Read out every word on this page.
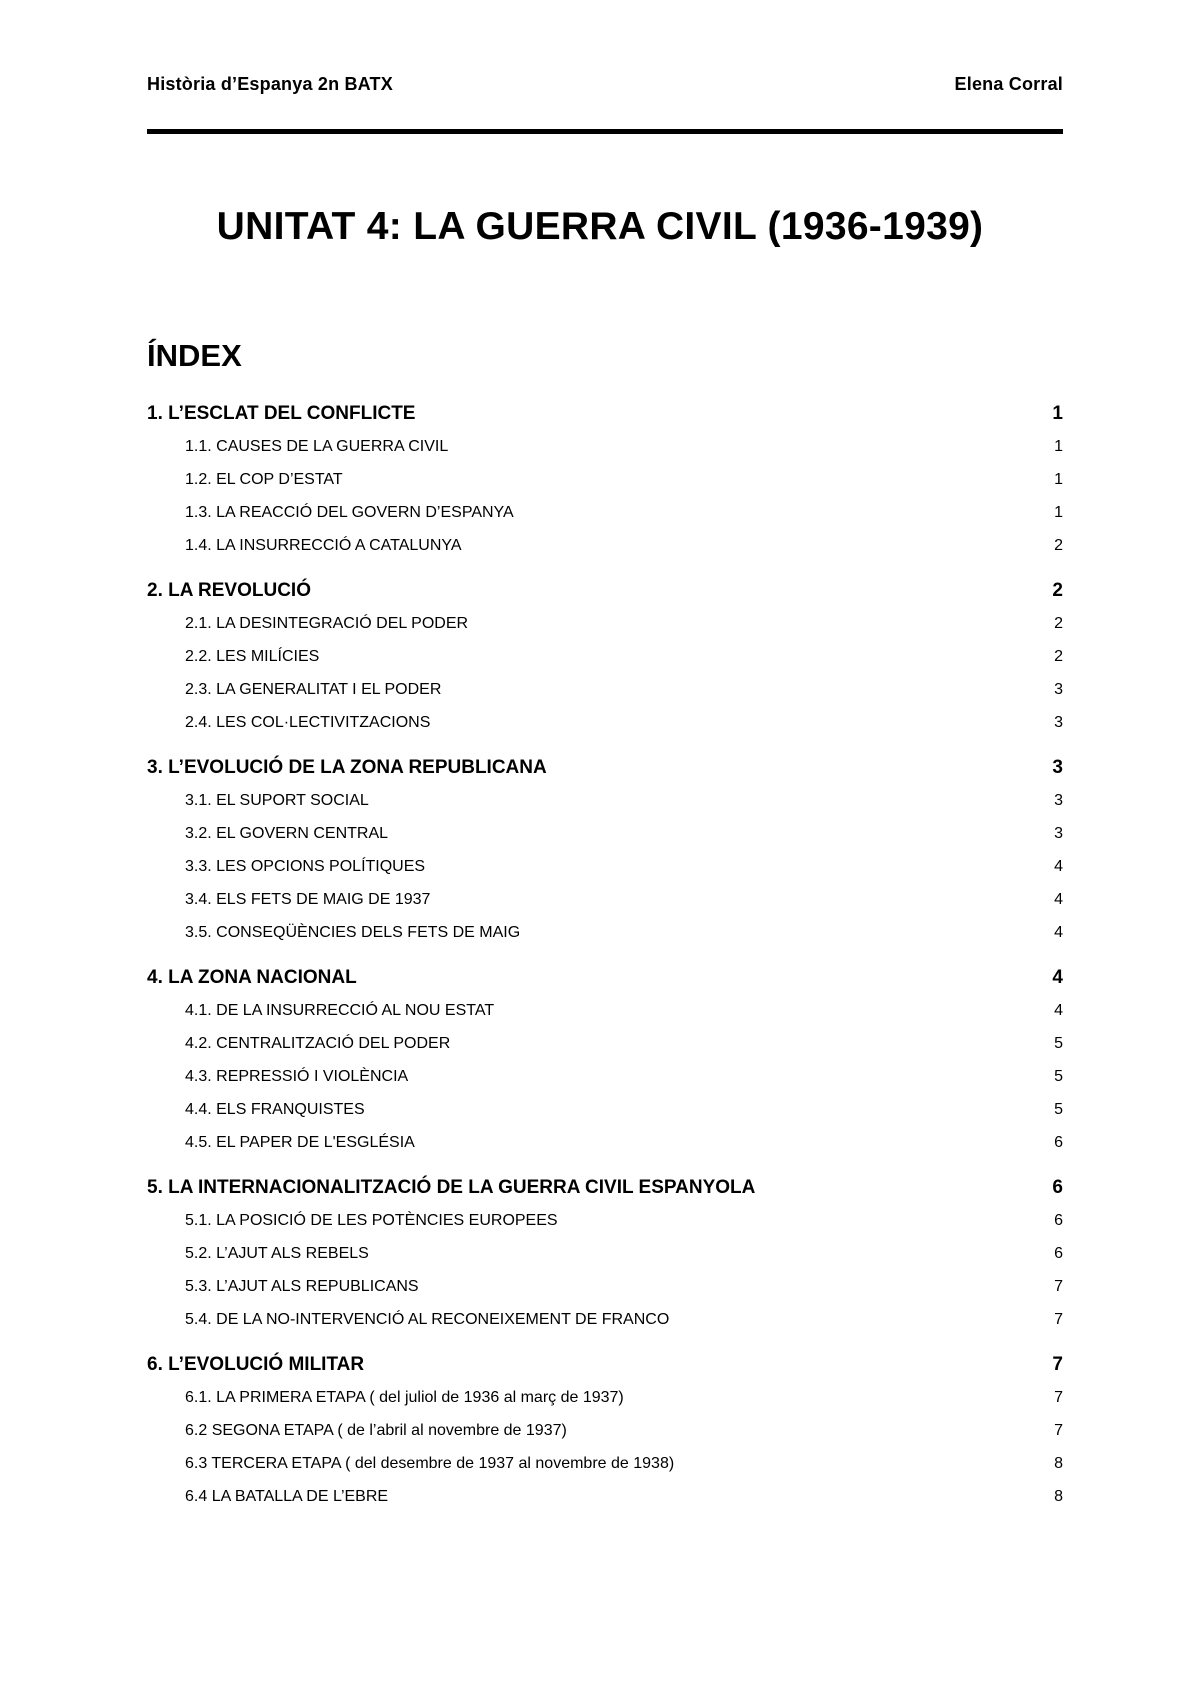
Història d’Espanya 2n BATX	Elena Corral
UNITAT 4: LA GUERRA CIVIL (1936-1939)
ÍNDEX
1. L’ESCLAT DEL CONFLICTE	1
1.1. CAUSES DE LA GUERRA CIVIL	1
1.2. EL COP D’ESTAT	1
1.3. LA REACCIÓ DEL GOVERN D’ESPANYA	1
1.4. LA INSURRECCIÓ A CATALUNYA	2
2. LA REVOLUCIÓ	2
2.1. LA DESINTEGRACIÓ DEL PODER	2
2.2. LES MILÍCIES	2
2.3. LA GENERALITAT I EL PODER	3
2.4. LES COL·LECTIVITZACIONS	3
3. L’EVOLUCIÓ DE LA ZONA REPUBLICANA	3
3.1. EL SUPORT SOCIAL	3
3.2. EL GOVERN CENTRAL	3
3.3. LES OPCIONS POLÍTIQUES	4
3.4. ELS FETS DE MAIG DE 1937	4
3.5. CONSEQÜÈNCIES DELS FETS DE MAIG	4
4. LA ZONA NACIONAL	4
4.1. DE LA INSURRECCIÓ AL NOU ESTAT	4
4.2. CENTRALITZACIÓ DEL PODER	5
4.3. REPRESSIÓ I VIOLÈNCIA	5
4.4. ELS FRANQUISTES	5
4.5. EL PAPER DE L'ESGLÉSIA	6
5. LA INTERNACIONALITZACIÓ DE LA GUERRA CIVIL ESPANYOLA	6
5.1. LA POSICIÓ DE LES POTÈNCIES EUROPEES	6
5.2. L’AJUT ALS REBELS	6
5.3. L’AJUT ALS REPUBLICANS	7
5.4. DE LA NO-INTERVENCIÓ AL RECONEIXEMENT DE FRANCO	7
6. L’EVOLUCIÓ MILITAR	7
6.1. LA PRIMERA ETAPA ( del juliol de 1936 al març de 1937)	7
6.2 SEGONA ETAPA ( de l’abril al novembre de 1937)	7
6.3 TERCERA ETAPA ( del desembre de 1937 al novembre de 1938)	8
6.4 LA BATALLA DE L’EBRE	8
